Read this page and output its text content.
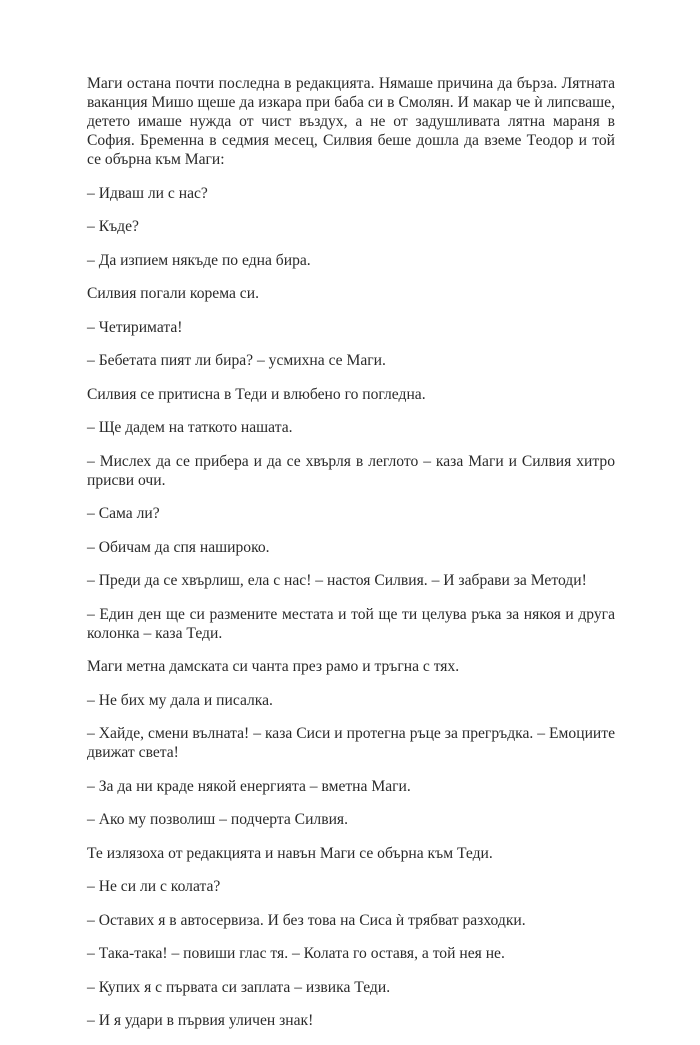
Маги остана почти последна в редакцията. Нямаше причина да бърза. Лятната ваканция Мишо щеше да изкара при баба си в Смолян. И макар че ѝ липсваше, детето имаше нужда от чист въздух, а не от задушливата лятна мараня в София. Бременна в седмия месец, Силвия беше дошла да вземе Теодор и той се обърна към Маги:

– Идваш ли с нас?

– Къде?

– Да изпием някъде по една бира.

Силвия погали корема си.

– Четиримата!

– Бебетата пият ли бира? – усмихна се Маги.

Силвия се притисна в Теди и влюбено го погледна.

– Ще дадем на таткото нашата.

– Мислех да се прибера и да се хвърля в леглото – каза Маги и Силвия хитро присви очи.

– Сама ли?

– Обичам да спя нашироко.

– Преди да се хвърлиш, ела с нас! – настоя Силвия. – И забрави за Методи!

– Един ден ще си размените местата и той ще ти целува ръка за някоя и друга колонка – каза Теди.

Маги метна дамската си чанта през рамо и тръгна с тях.

– Не бих му дала и писалка.

– Хайде, смени вълната! – каза Сиси и протегна ръце за прегръдка. – Емоциите движат света!

– За да ни краде някой енергията – вметна Маги.

– Ако му позволиш – подчерта Силвия.

Те излязоха от редакцията и навън Маги се обърна към Теди.

– Не си ли с колата?

– Оставих я в автосервиза. И без това на Сиса ѝ трябват разходки.

– Така-така! – повиши глас тя. – Колата го оставя, а той нея не.

– Купих я с първата си заплата – извика Теди.

– И я удари в първия уличен знак!
